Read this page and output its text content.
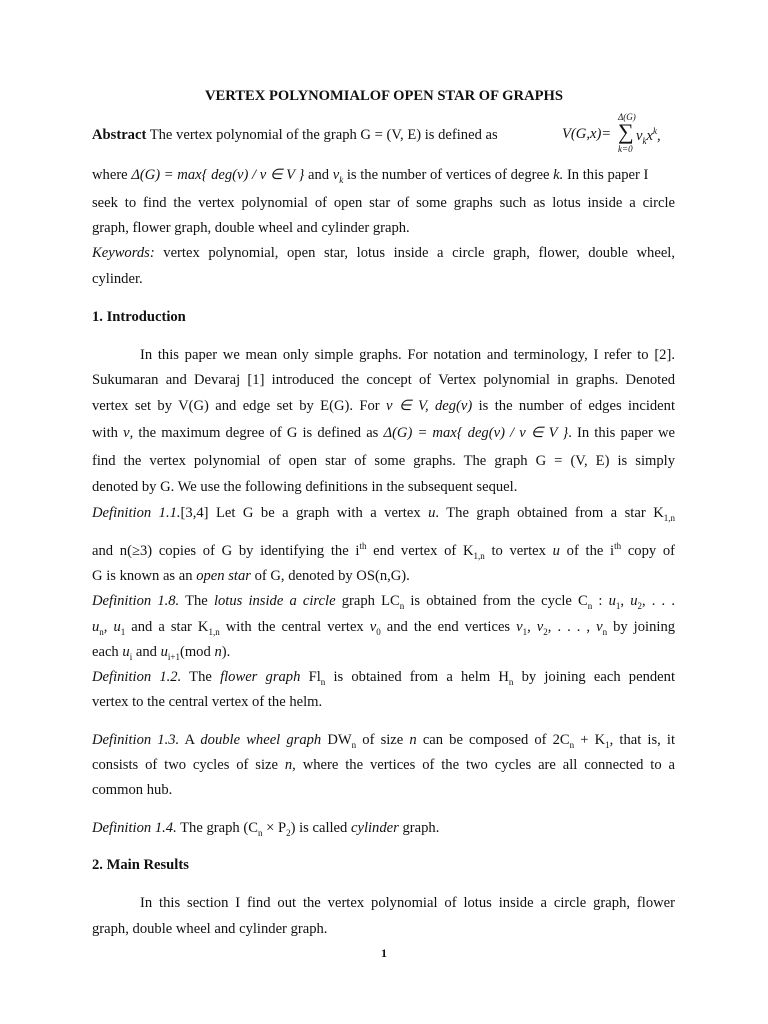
VERTEX POLYNOMIALOF OPEN STAR OF GRAPHS
Abstract The vertex polynomial of the graph G = (V, E) is defined as	V(G,x)=
Δ(G)
∑
k=0
$v_kx^k$,
where Δ(G) = max{ deg(v) / v ∈ V } and $v_k$ is the number of vertices of degree k. In this paper I
seek to find the vertex polynomial of open star of some graphs such as lotus inside a circle
graph, flower graph, double wheel and cylinder graph.
Keywords: vertex polynomial, open star, lotus inside a circle graph, flower, double wheel,
cylinder.
1. Introduction
In this paper we mean only simple graphs. For notation and terminology, I refer to [2].
Sukumaran and Devaraj [1] introduced the concept of Vertex polynomial in graphs. Denoted
vertex set by V(G) and edge set by E(G). For v ∈ V, deg(v) is the number of edges incident
with v, the maximum degree of G is defined as Δ(G) = max{ deg(v) / v ∈ V }. In this paper we
find the vertex polynomial of open star of some graphs. The graph G = (V, E) is simply
denoted by G. We use the following definitions in the subsequent sequel.
Definition 1.1.[3,4] Let G be a graph with a vertex u. The graph obtained from a star $K_{1,n}$
and n(≥3) copies of G by identifying the $i^{th}$ end vertex of $K_{1,n}$ to vertex u of the $i^{th}$ copy of
G is known as an open star of G, denoted by OS(n,G).
Definition 1.8. The lotus inside a circle graph $LC_n$ is obtained from the cycle $C_n$ : $u_1$, $u_2$, . . .
$u_n$, $u_1$ and a star $K_{1,n}$ with the central vertex $v_0$ and the end vertices $v_1$, $v_2$, . . . , $v_n$ by joining
each $u_i$ and $u_{i+1}(mod$ n).
Definition 1.2. The flower graph $Fl_n$ is obtained from a helm $H_n$ by joining each pendent
vertex to the central vertex of the helm.
Definition 1.3. A double wheel graph $DW_n$ of size n can be composed of $2C_n + K_1$, that is, it
consists of two cycles of size n, where the vertices of the two cycles are all connected to a
common hub.
Definition 1.4. The graph $(C_n \times P_2)$ is called cylinder graph.
2. Main Results
In this section I find out the vertex polynomial of lotus inside a circle graph, flower
graph, double wheel and cylinder graph.
1
